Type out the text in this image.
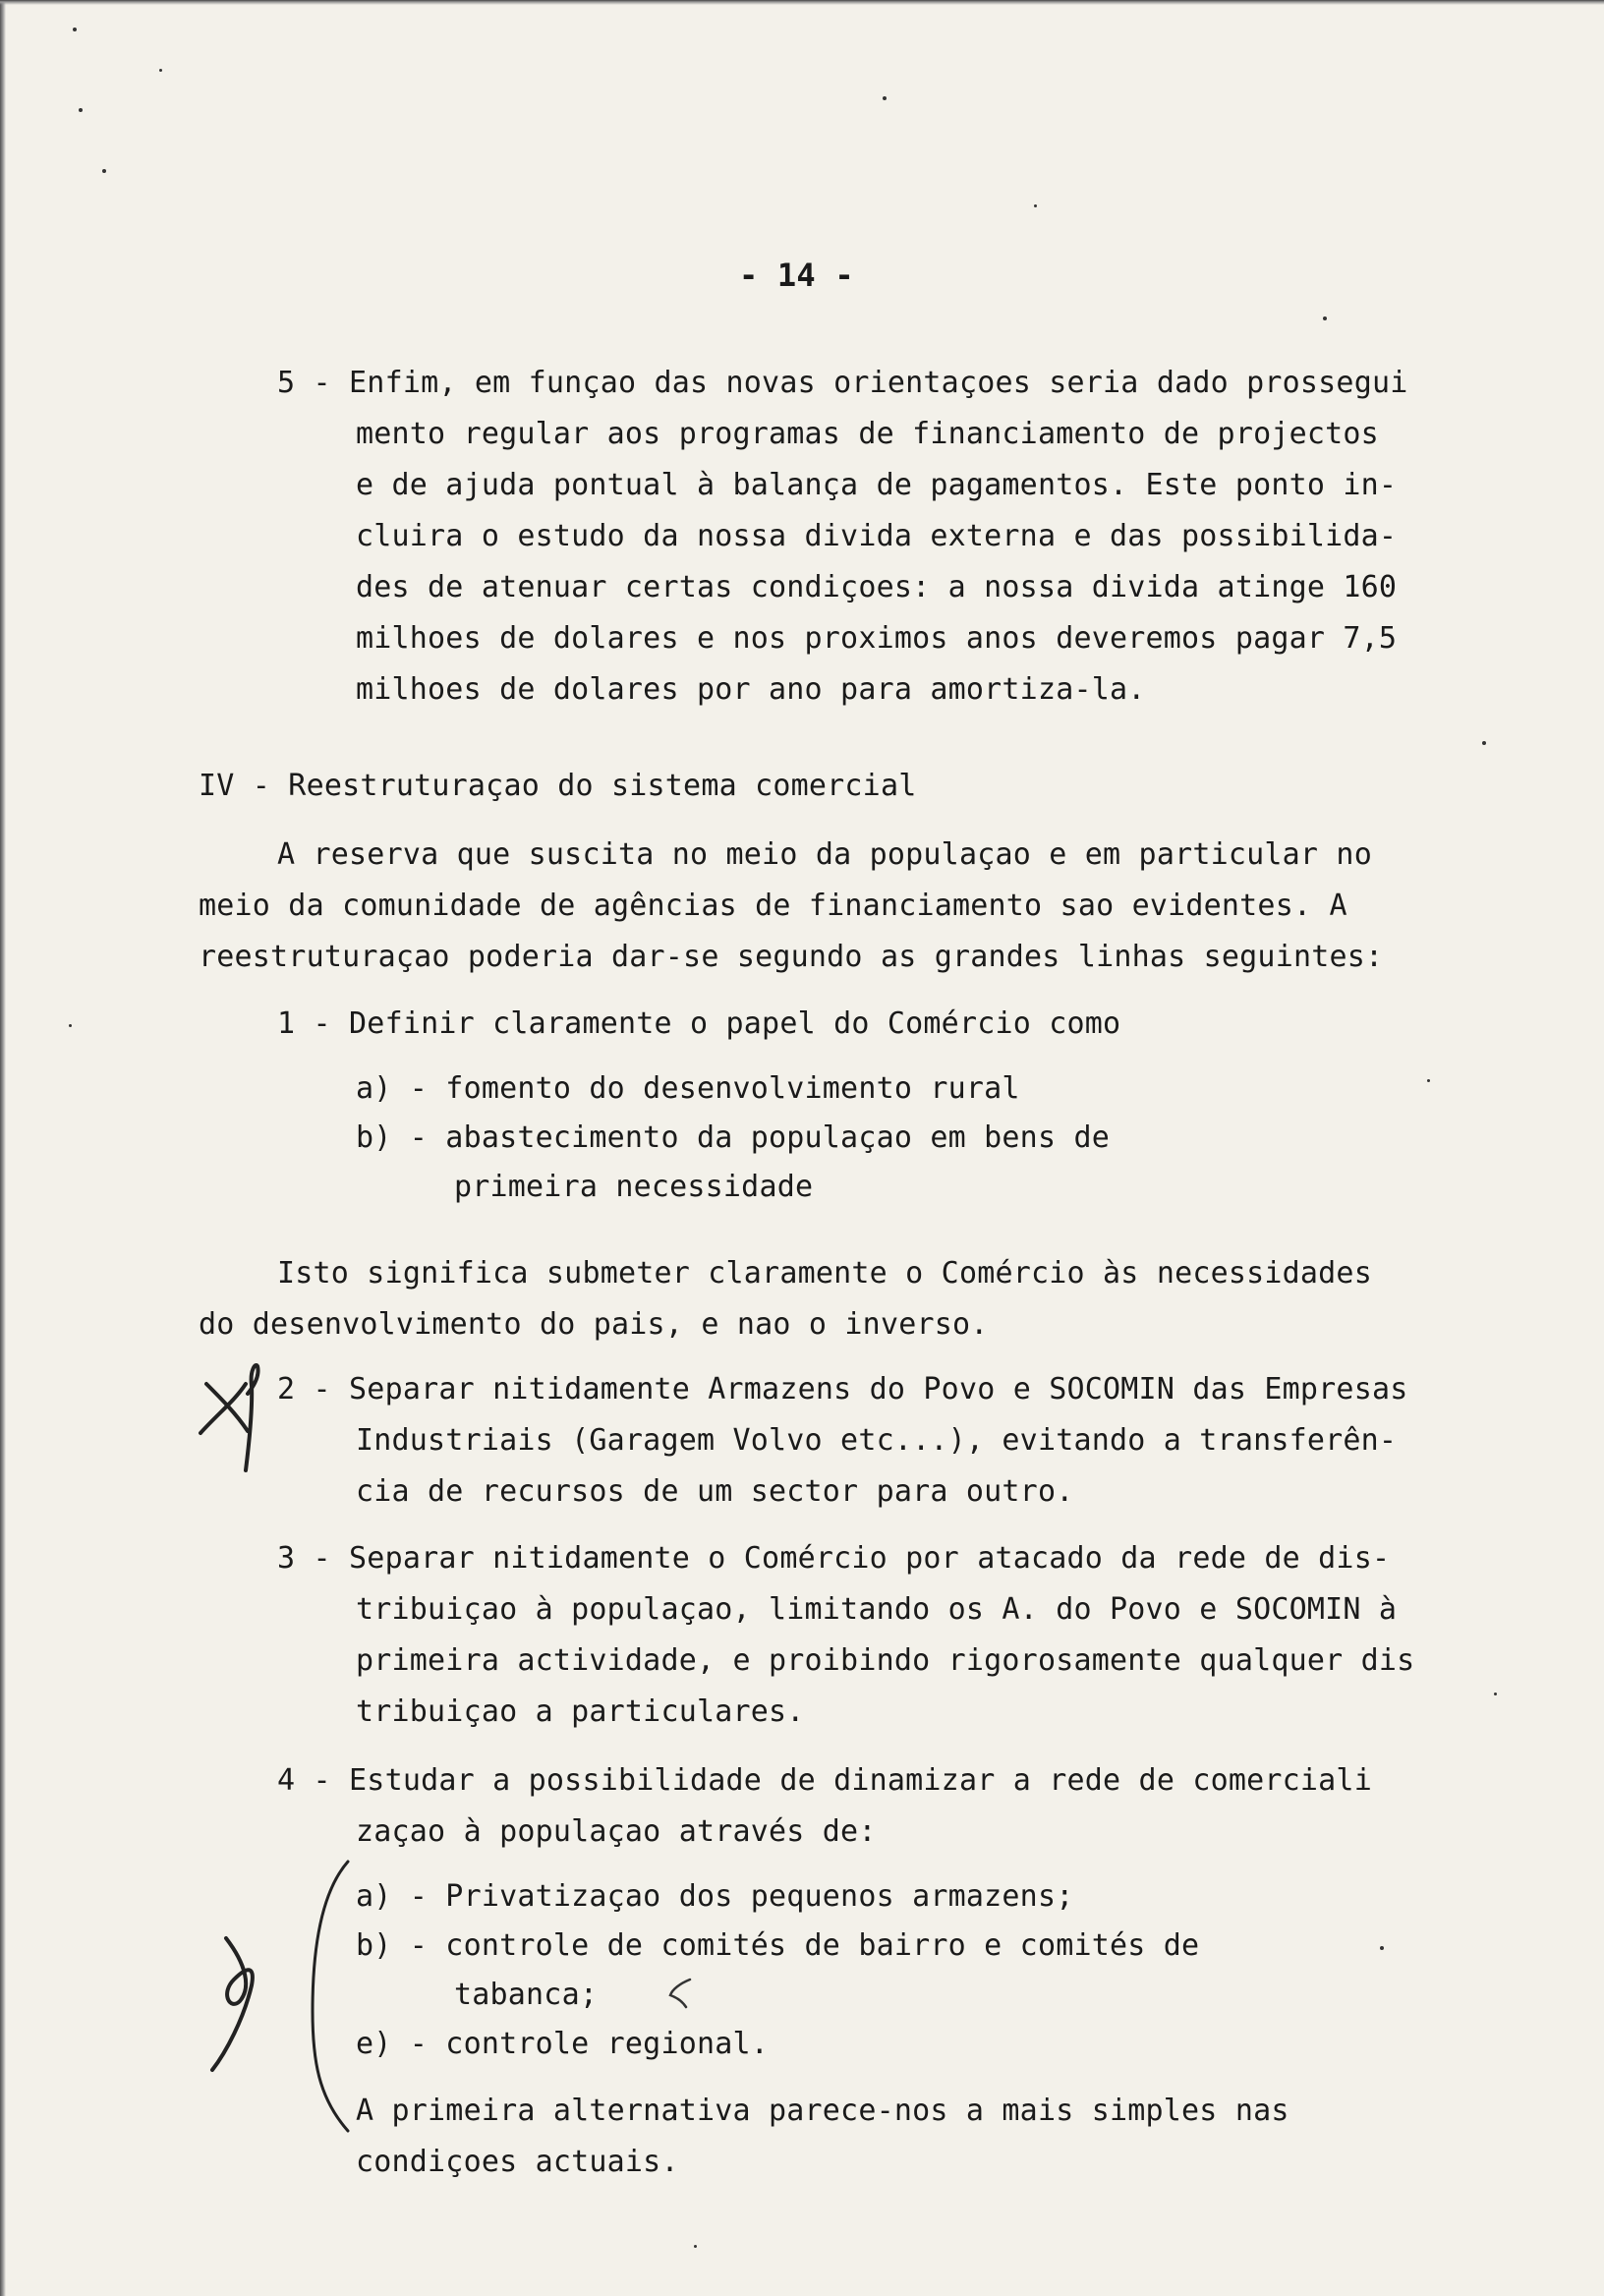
- 14 -
5 - Enfim, em funçao das novas orientaçoes seria dado prossegui
mento regular aos programas de financiamento de projectos
e de ajuda pontual à balança de pagamentos. Este ponto in-
cluira o estudo da nossa divida externa e das possibilida-
des de atenuar certas condiçoes: a nossa divida atinge 160
milhoes de dolares e nos proximos anos deveremos pagar 7,5
milhoes de dolares por ano para amortiza-la.
IV - Reestruturaçao do sistema comercial
A reserva que suscita no meio da populaçao e em particular no
meio da comunidade de agências de financiamento sao evidentes. A
reestruturaçao poderia dar-se segundo as grandes linhas seguintes:
1 - Definir claramente o papel do Comércio como
a) - fomento do desenvolvimento rural
b) - abastecimento da populaçao em bens de
primeira necessidade
Isto significa submeter claramente o Comércio às necessidades
do desenvolvimento do pais, e nao o inverso.
2 - Separar nitidamente Armazens do Povo e SOCOMIN das Empresas
Industriais (Garagem Volvo etc...), evitando a transferên-
cia de recursos de um sector para outro.
3 - Separar nitidamente o Comércio por atacado da rede de dis-
tribuiçao à populaçao, limitando os A. do Povo e SOCOMIN à
primeira actividade, e proibindo rigorosamente qualquer dis
tribuiçao a particulares.
4 - Estudar a possibilidade de dinamizar a rede de comerciali
zaçao à populaçao através de:
a) - Privatizaçao dos pequenos armazens;
b) - controle de comités de bairro e comités de
tabanca;
e) - controle regional.
A primeira alternativa parece-nos a mais simples nas
condiçoes actuais.
